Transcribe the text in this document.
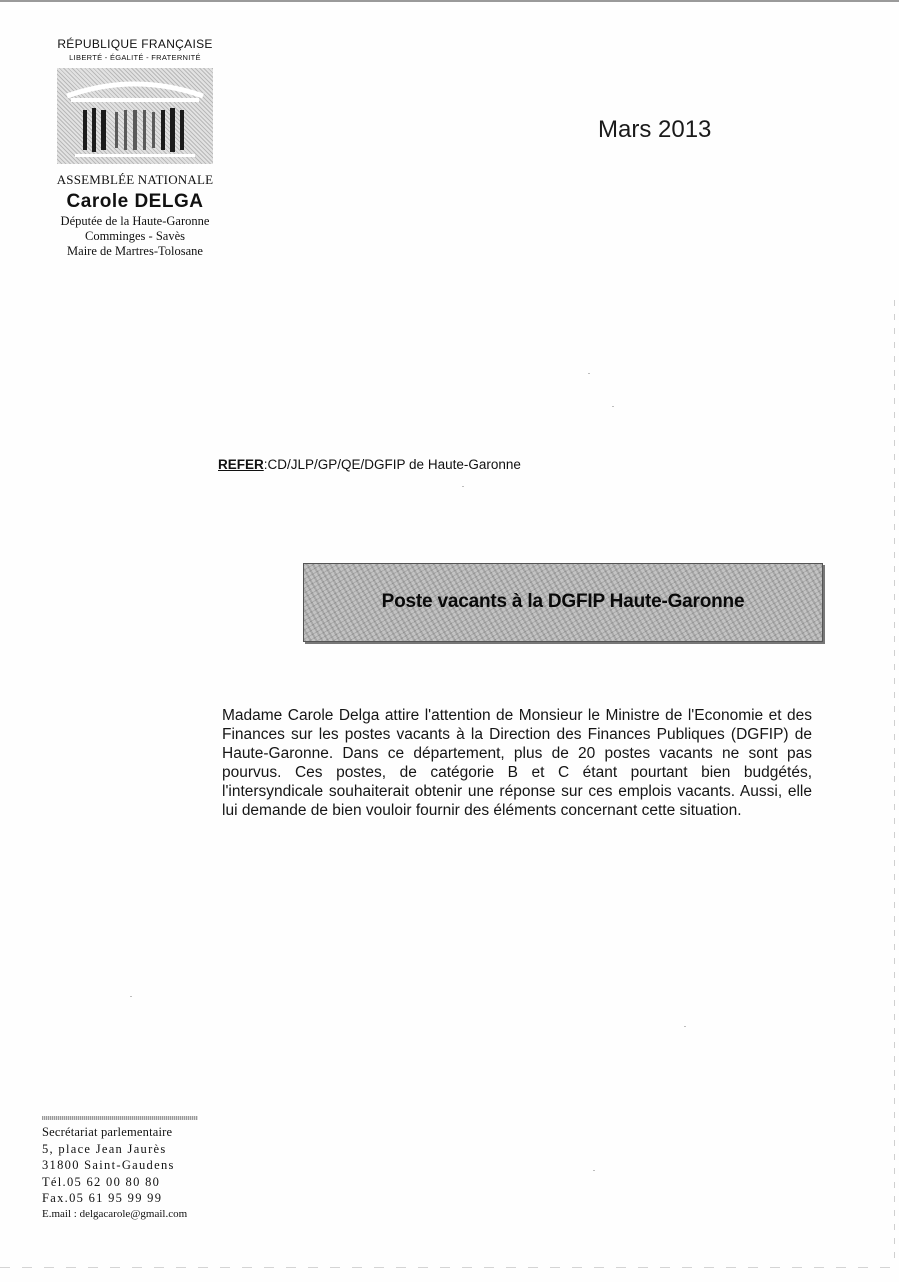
RÉPUBLIQUE FRANÇAISE

LIBERTÉ - ÉGALITÉ - FRATERNITÉ

ASSEMBLÉE NATIONALE

Carole DELGA

Députée de la Haute-Garonne

Comminges - Savès

Maire de Martres-Tolosane

Mars 2013
REFER:CD/JLP/GP/QE/DGFIP de Haute-Garonne

Poste vacants à la DGFIP Haute-Garonne

Madame Carole Delga attire l'attention de Monsieur le Ministre de l'Economie et des Finances sur les postes vacants à la Direction des Finances Publiques (DGFIP) de Haute-Garonne. Dans ce département, plus de 20 postes vacants ne sont pas pourvus. Ces postes, de catégorie B et C étant pourtant bien budgétés, l'intersyndicale souhaiterait obtenir une réponse sur ces emplois vacants. Aussi, elle lui demande de bien vouloir fournir des éléments concernant cette situation.

Secrétariat parlementaire

5, place Jean Jaurès

31800 Saint-Gaudens

Tél.05 62 00 80 80

Fax.05 61 95 99 99

E.mail : delgacarole@gmail.com
